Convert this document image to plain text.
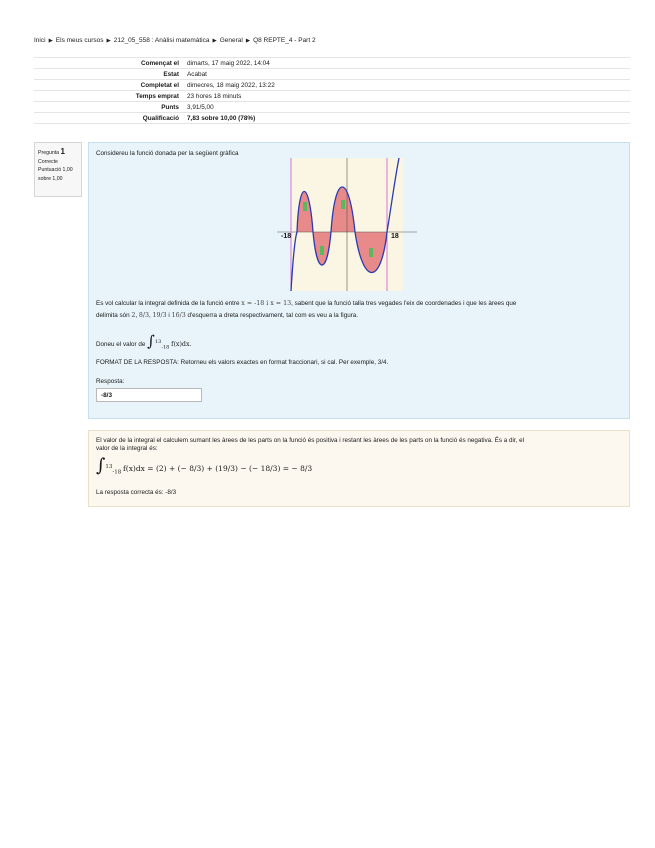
Inici ▶ Els meus cursos ▶ 212_05_558 : Anàlisi matemàtica ▶ General ▶ Q8 REPTE_4 - Part 2
Començat el	dimarts, 17 maig 2022, 14:04
Estat	Acabat
Completat el	dimecres, 18 maig 2022, 13:22
Temps emprat	23 hores 18 minuts
Punts	3,91/5,00
Qualificació	7,83 sobre 10,00 (78%)
Pregunta 1
Correcte
Puntuació 1,00 sobre 1,00
Considereu la funció donada per la següent gràfica
-18	18
Es vol calcular la integral definida de la funció entre x = -18 i x = 13, sabent que la funció talla tres vegades l'eix de coordenades i que les àrees que
delimita són 2, 8/3, 19/3 i 16/3 d'esquerra a dreta respectivament, tal com es veu a la figura.
Doneu el valor de ∫$^{13}_{-18}$ f(x)dx.
FORMAT DE LA RESPOSTA: Retorneu els valors exactes en format fraccionari, si cal. Per exemple, 3/4.
Resposta:
-8/3
El valor de la integral el calculem sumant les àrees de les parts on la funció és positiva i restant les àrees de les parts on la funció és negativa. És a dir, el
valor de la integral és:
∫$^{13}_{-18}$ f(x)dx = (2) + (− 8/3) + (19/3) − (− 18/3) = − 8/3
La resposta correcta és: -8/3
